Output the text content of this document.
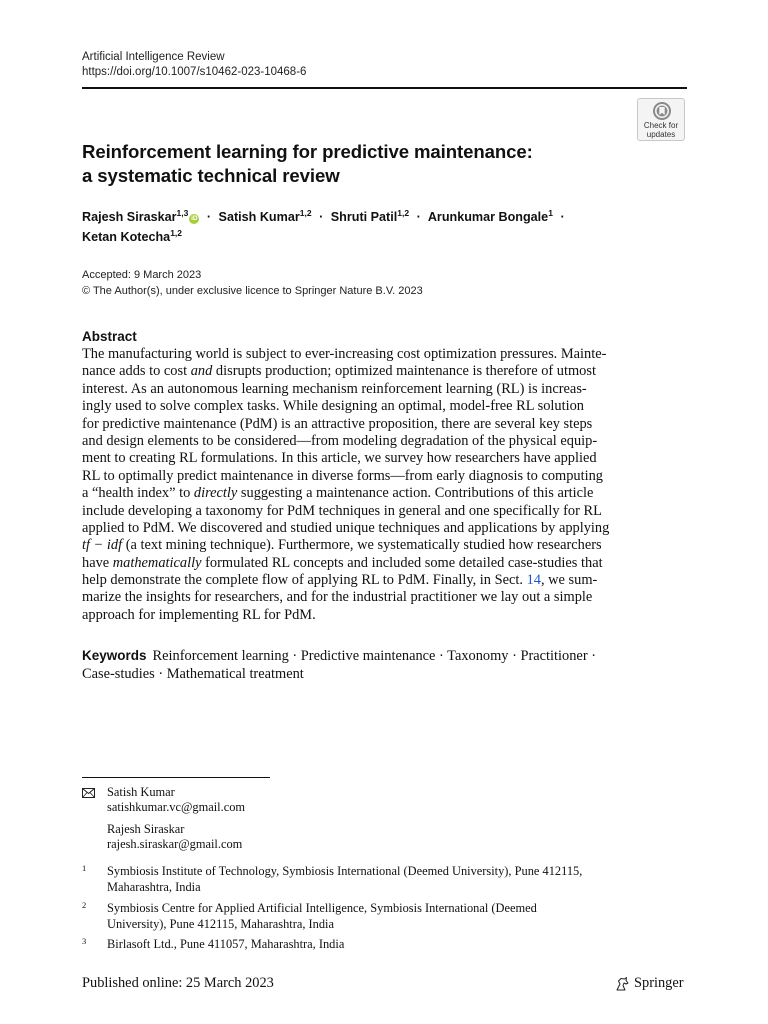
Artificial Intelligence Review
https://doi.org/10.1007/s10462-023-10468-6
Check for
updates
Reinforcement learning for predictive maintenance:
a systematic technical review
Rajesh Siraskar$^{1,3}$iD · Satish Kumar$^{1,2}$ · Shruti Patil$^{1,2}$ · Arunkumar Bongale$^1$ ·
Ketan Kotecha$^{1,2}$
Accepted: 9 March 2023
© The Author(s), under exclusive licence to Springer Nature B.V. 2023
Abstract
The manufacturing world is subject to ever-increasing cost optimization pressures. Mainte-
nance adds to cost and disrupts production; optimized maintenance is therefore of utmost
interest. As an autonomous learning mechanism reinforcement learning (RL) is increas-
ingly used to solve complex tasks. While designing an optimal, model-free RL solution
for predictive maintenance (PdM) is an attractive proposition, there are several key steps
and design elements to be considered—from modeling degradation of the physical equip-
ment to creating RL formulations. In this article, we survey how researchers have applied
RL to optimally predict maintenance in diverse forms—from early diagnosis to computing
a “health index” to directly suggesting a maintenance action. Contributions of this article
include developing a taxonomy for PdM techniques in general and one specifically for RL
applied to PdM. We discovered and studied unique techniques and applications by applying
tf − idf (a text mining technique). Furthermore, we systematically studied how researchers
have mathematically formulated RL concepts and included some detailed case-studies that
help demonstrate the complete flow of applying RL to PdM. Finally, in Sect. 14 , we sum-
marize the insights for researchers, and for the industrial practitioner we lay out a simple
approach for implementing RL for PdM.
Keywords Reinforcement learning · Predictive maintenance · Taxonomy · Practitioner ·
Case-studies · Mathematical treatment
Satish Kumar
satishkumar.vc@gmail.com
Rajesh Siraskar
rajesh.siraskar@gmail.com
1 Symbiosis Institute of Technology, Symbiosis International (Deemed University), Pune 412115,
Maharashtra, India
2 Symbiosis Centre for Applied Artificial Intelligence, Symbiosis International (Deemed
University), Pune 412115, Maharashtra, India
3 Birlasoft Ltd., Pune 411057, Maharashtra, India
Published online: 25 March 2023	Springer
